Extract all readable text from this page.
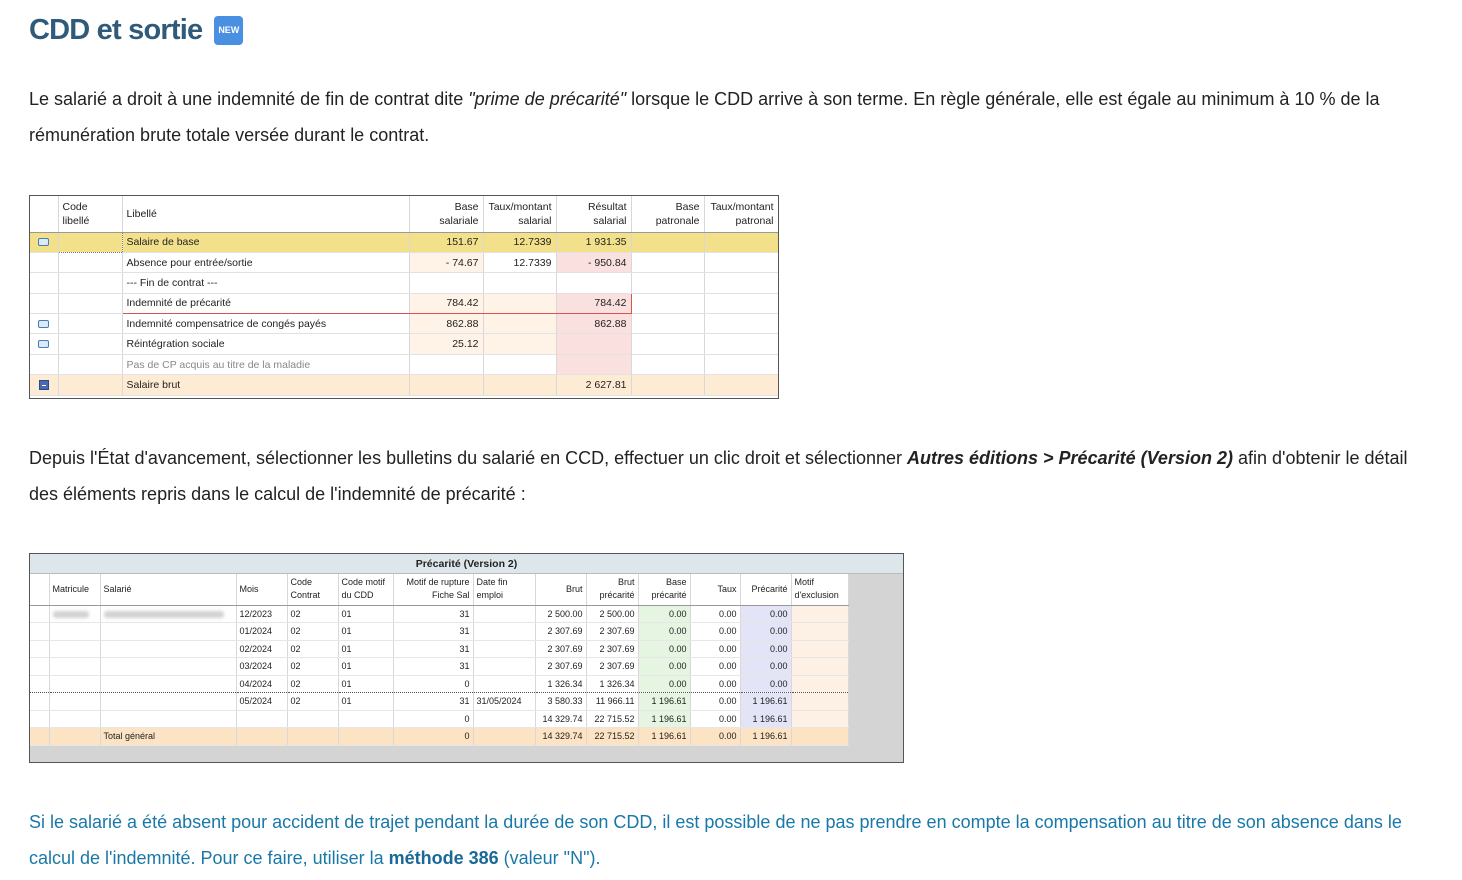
CDD et sortie	NEW

Le salarié a droit à une indemnité de fin de contrat dite "prime de précarité" lorsque le CDD arrive à son terme. En règle générale, elle est égale au minimum à 10 % de la rémunération brute totale versée durant le contrat.

	Code libellé	Libellé	Base salariale	Taux/montant salarial	Résultat salarial	Base patronale	Taux/montant patronal
		Salaire de base	151.67	12.7339	1 931.35		
		Absence pour entrée/sortie	- 74.67	12.7339	- 950.84		
		--- Fin de contrat ---					
		Indemnité de précarité	784.42		784.42		
		Indemnité compensatrice de congés payés	862.88		862.88		
		Réintégration sociale	25.12				
		Pas de CP acquis au titre de la maladie					
		Salaire brut			2 627.81		

Depuis l'État d'avancement, sélectionner les bulletins du salarié en CCD, effectuer un clic droit et sélectionner Autres éditions > Précarité (Version 2) afin d'obtenir le détail des éléments repris dans le calcul de l'indemnité de précarité :

Précarité (Version 2)
	Matricule	Salarié	Mois	Code Contrat	Code motif du CDD	Motif de rupture Fiche Sal	Date fin emploi	Brut	Brut précarité	Base précarité	Taux	Précarité	Motif d'exclusion
			12/2023	02	01	31		2 500.00	2 500.00	0.00	0.00	0.00	
			01/2024	02	01	31		2 307.69	2 307.69	0.00	0.00	0.00	
			02/2024	02	01	31		2 307.69	2 307.69	0.00	0.00	0.00	
			03/2024	02	01	31		2 307.69	2 307.69	0.00	0.00	0.00	
			04/2024	02	01	0		1 326.34	1 326.34	0.00	0.00	0.00	
			05/2024	02	01	31	31/05/2024	3 580.33	11 966.11	1 196.61	0.00	1 196.61	
						0		14 329.74	22 715.52	1 196.61	0.00	1 196.61	
		Total général				0		14 329.74	22 715.52	1 196.61	0.00	1 196.61	

Si le salarié a été absent pour accident de trajet pendant la durée de son CDD, il est possible de ne pas prendre en compte la compensation au titre de son absence dans le calcul de l'indemnité. Pour ce faire, utiliser la méthode 386 (valeur "N").
